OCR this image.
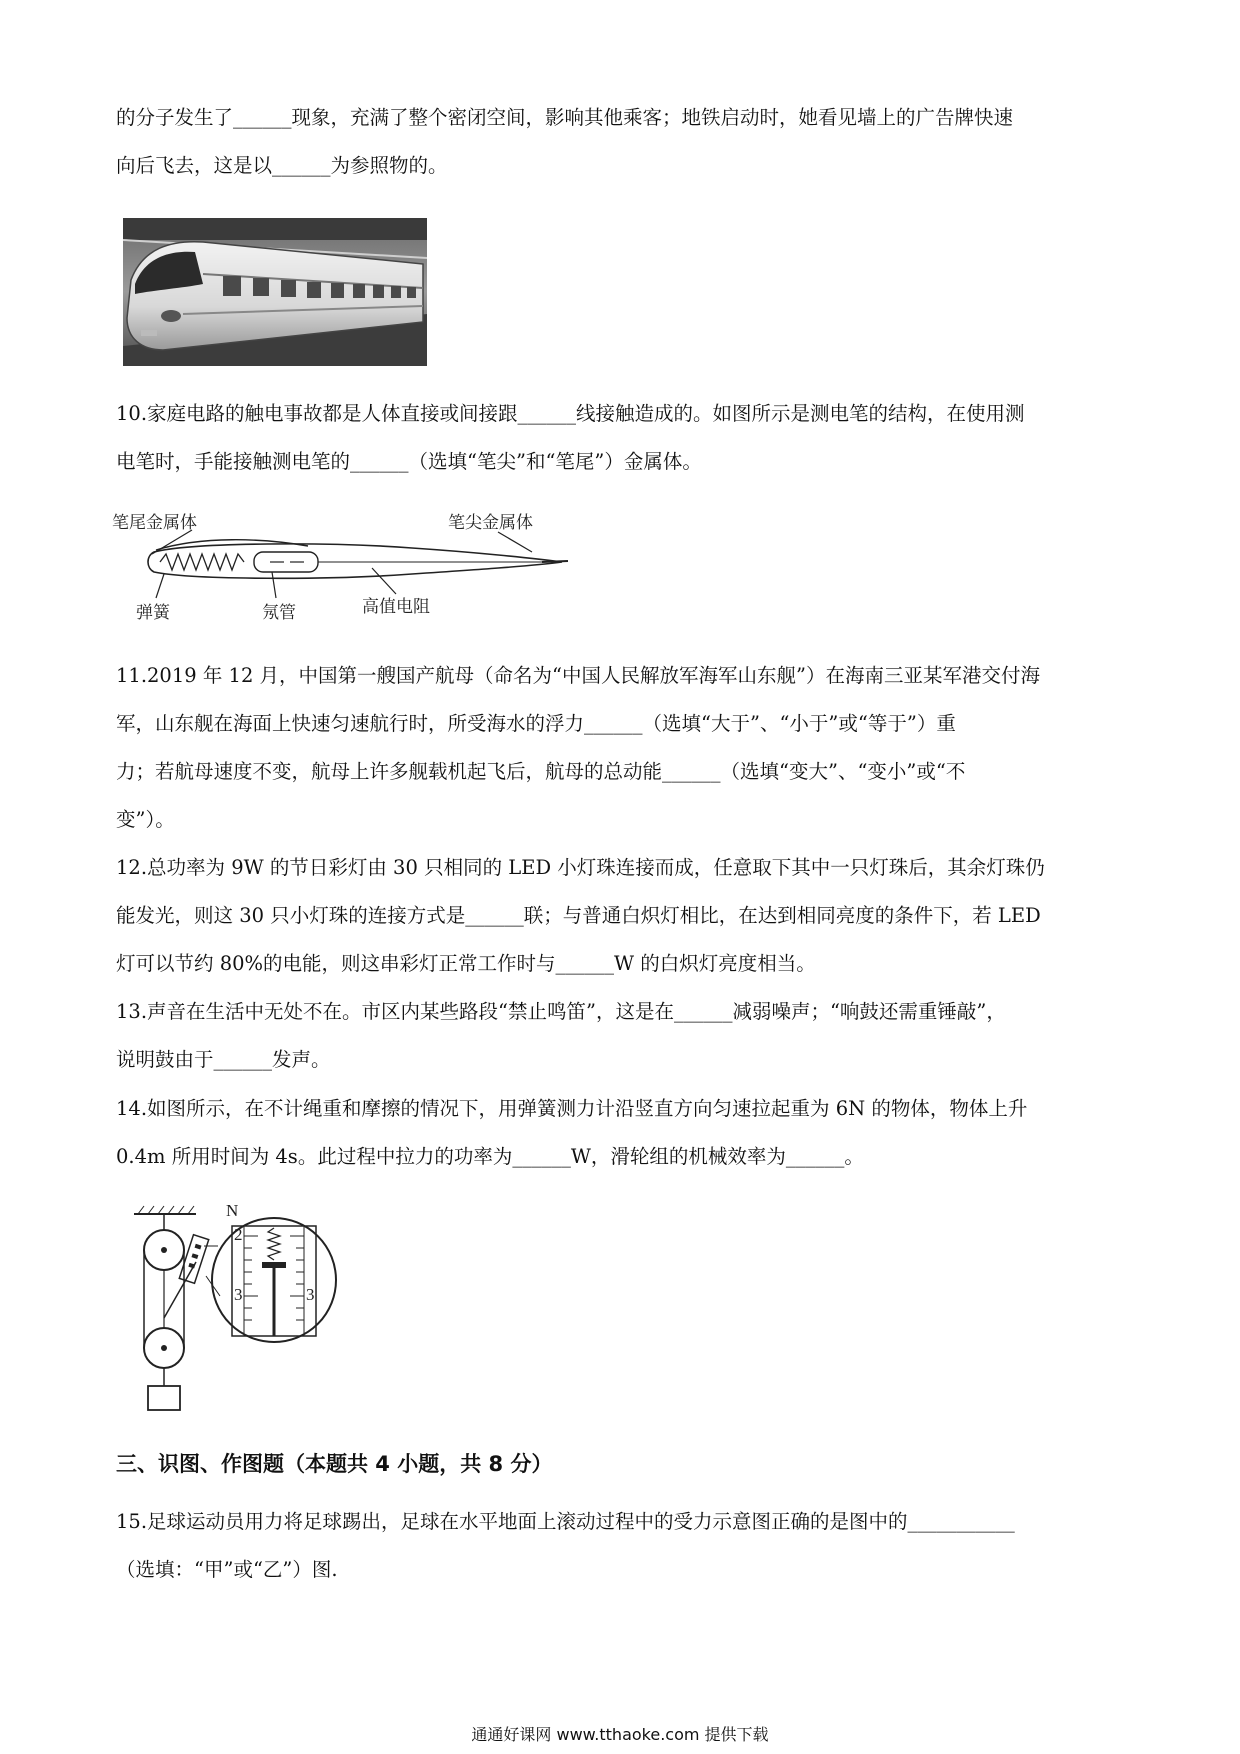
的分子发生了______现象，充满了整个密闭空间，影响其他乘客；地铁启动时，她看见墙上的广告牌快速
向后飞去，这是以______为参照物的。
10.家庭电路的触电事故都是人体直接或间接跟______线接触造成的。如图所示是测电笔的结构，在使用测
电笔时，手能接触测电笔的______（选填“笔尖”和“笔尾”）金属体。
笔尾金属体	笔尖金属体
弹簧	氖管	高值电阻
11.2019 年 12 月，中国第一艘国产航母（命名为“中国人民解放军海军山东舰”）在海南三亚某军港交付海
军，山东舰在海面上快速匀速航行时，所受海水的浮力______（选填“大于”、“小于”或“等于”）重
力；若航母速度不变，航母上许多舰载机起飞后，航母的总动能______（选填“变大”、“变小”或“不
变”）。
12.总功率为 9W 的节日彩灯由 30 只相同的 LED 小灯珠连接而成，任意取下其中一只灯珠后，其余灯珠仍
能发光，则这 30 只小灯珠的连接方式是______联；与普通白炽灯相比，在达到相同亮度的条件下，若 LED
灯可以节约 80%的电能，则这串彩灯正常工作时与______W 的白炽灯亮度相当。
13.声音在生活中无处不在。市区内某些路段“禁止鸣笛”，这是在______减弱噪声；“响鼓还需重锤敲”，
说明鼓由于______发声。
14.如图所示，在不计绳重和摩擦的情况下，用弹簧测力计沿竖直方向匀速拉起重为 6N 的物体，物体上升
0.4m 所用时间为 4s。此过程中拉力的功率为______W，滑轮组的机械效率为______。
N
2
3	3
三、识图、作图题（本题共 4 小题，共 8 分）
15.足球运动员用力将足球踢出，足球在水平地面上滚动过程中的受力示意图正确的是图中的___________
（选填：“甲”或“乙”）图.
通通好课网 www.tthaoke.com 提供下载
